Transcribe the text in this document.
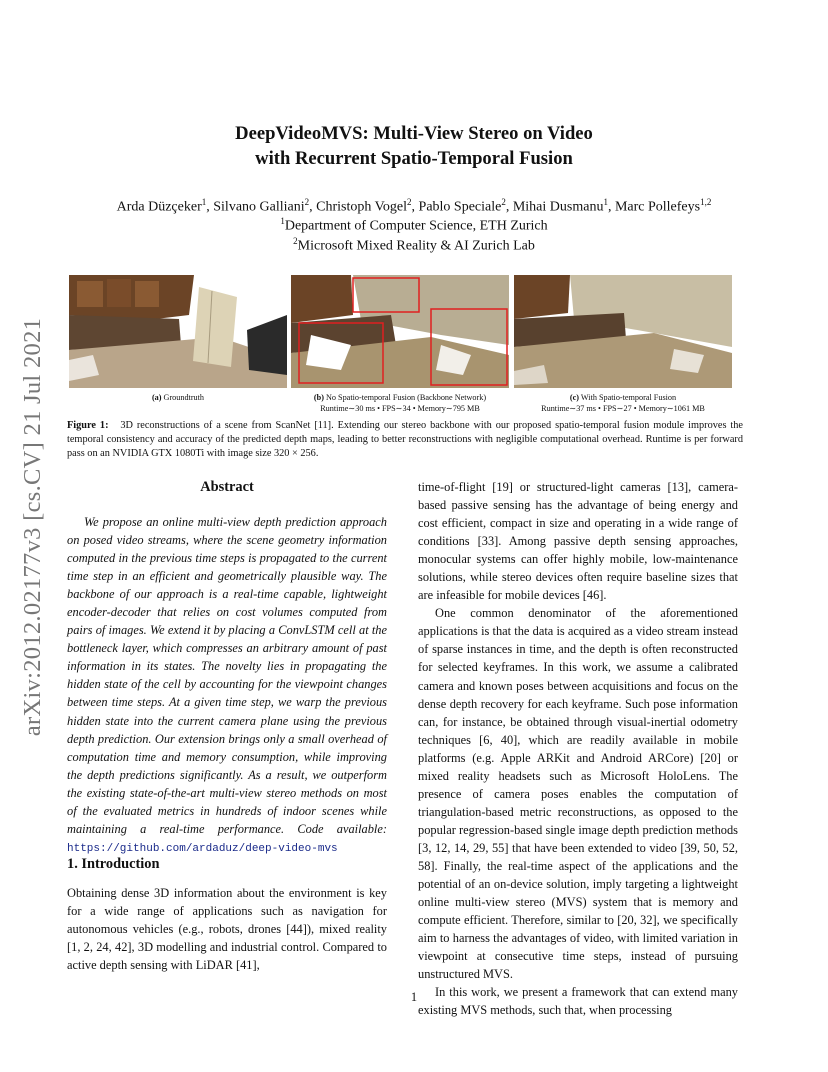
arXiv:2012.02177v3 [cs.CV] 21 Jul 2021
DeepVideoMVS: Multi-View Stereo on Video
with Recurrent Spatio-Temporal Fusion
Arda Düzçeker$^1$, Silvano Galliani$^2$, Christoph Vogel$^2$, Pablo Speciale$^2$, Mihai Dusmanu$^1$, Marc Pollefeys$^{1,2}$
$^1$Department of Computer Science, ETH Zurich
$^2$Microsoft Mixed Reality & AI Zurich Lab
(a) Groundtruth	(b) No Spatio-temporal Fusion (Backbone Network)
Runtime∼30 ms • FPS∼34 • Memory∼795 MB
(c) With Spatio-temporal Fusion
Runtime∼37 ms • FPS∼27 • Memory∼1061 MB
Figure 1: 3D reconstructions of a scene from ScanNet [11]. Extending our stereo backbone with our proposed spatio-temporal fusion module improves the temporal consistency and accuracy of the predicted depth maps, leading to better reconstructions with negligible computational overhead. Runtime is per forward pass on an NVIDIA GTX 1080Ti with image size 320 × 256.
Abstract

We propose an online multi-view depth prediction approach on posed video streams, where the scene geometry information computed in the previous time steps is propagated to the current time step in an efficient and geometrically plausible way. The backbone of our approach is a real-time capable, lightweight encoder-decoder that relies on cost volumes computed from pairs of images. We extend it by placing a ConvLSTM cell at the bottleneck layer, which compresses an arbitrary amount of past information in its states. The novelty lies in propagating the hidden state of the cell by accounting for the viewpoint changes between time steps. At a given time step, we warp the previous hidden state into the current camera plane using the previous depth prediction. Our extension brings only a small overhead of computation time and memory consumption, while improving the depth predictions significantly. As a result, we outperform the existing state-of-the-art multi-view stereo methods on most of the evaluated metrics in hundreds of indoor scenes while maintaining a real-time performance. Code available: https://github.com/ardaduz/deep-video-mvs

1. Introduction

Obtaining dense 3D information about the environment is key for a wide range of applications such as navigation for autonomous vehicles (e.g., robots, drones [44]), mixed reality [1, 2, 24, 42], 3D modelling and industrial control. Compared to active depth sensing with LiDAR [41],

time-of-flight [19] or structured-light cameras [13], camera-based passive sensing has the advantage of being energy and cost efficient, compact in size and operating in a wide range of conditions [33]. Among passive depth sensing approaches, monocular systems can offer highly mobile, low-maintenance solutions, while stereo devices often require baseline sizes that are infeasible for mobile devices [46].

One common denominator of the aforementioned applications is that the data is acquired as a video stream instead of sparse instances in time, and the depth is often reconstructed for selected keyframes. In this work, we assume a calibrated camera and known poses between acquisitions and focus on the dense depth recovery for each keyframe. Such pose information can, for instance, be obtained through visual-inertial odometry techniques [6, 40], which are readily available in mobile platforms (e.g. Apple ARKit and Android ARCore) [20] or mixed reality headsets such as Microsoft HoloLens. The presence of camera poses enables the computation of triangulation-based metric reconstructions, as opposed to the popular regression-based single image depth prediction methods [3, 12, 14, 29, 55] that have been extended to video [39, 50, 52, 58]. Finally, the real-time aspect of the applications and the potential of an on-device solution, imply targeting a lightweight online multi-view stereo (MVS) system that is memory and compute efficient. Therefore, similar to [20, 32], we specifically aim to harness the advantages of video, with limited variation in viewpoint at consecutive time steps, instead of pursuing unstructured MVS.

In this work, we present a framework that can extend many existing MVS methods, such that, when processing

1
